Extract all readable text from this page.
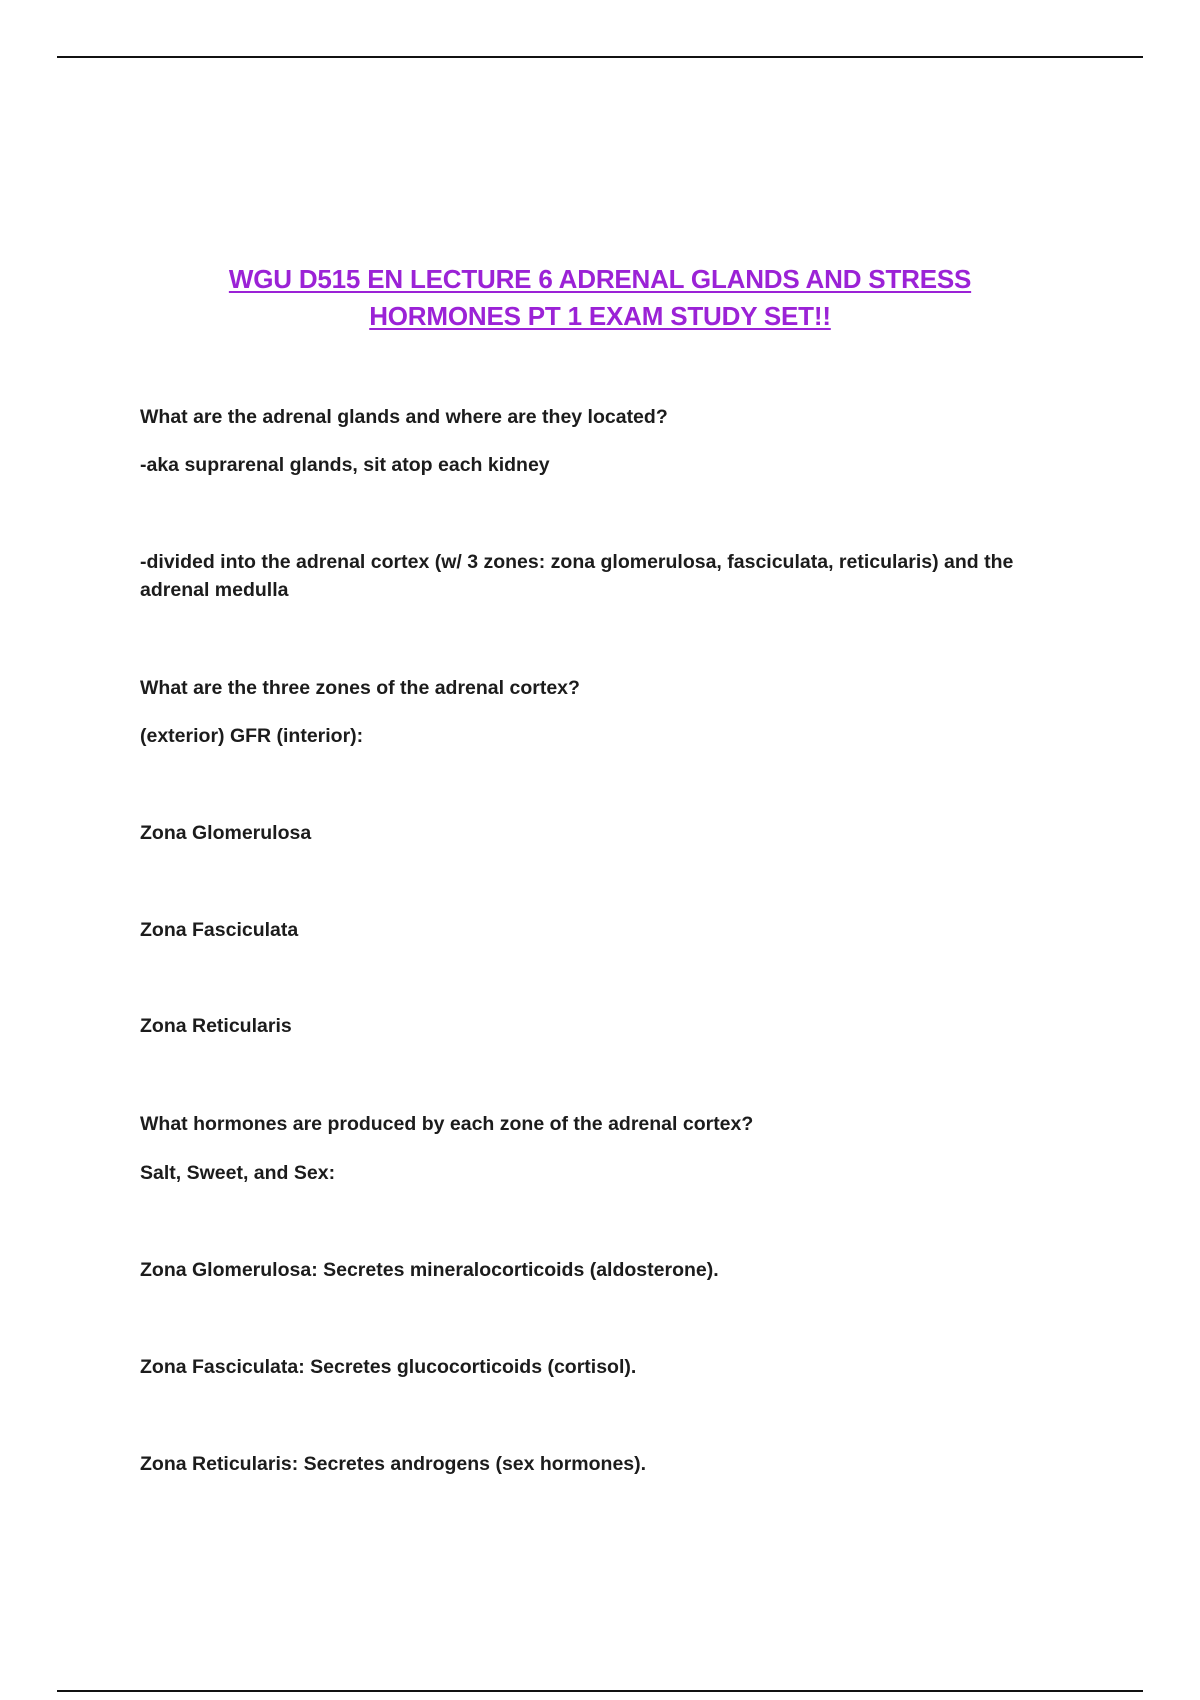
WGU D515 EN LECTURE 6 ADRENAL GLANDS AND STRESS
HORMONES PT 1 EXAM STUDY SET!!
What are the adrenal glands and where are they located?
-aka suprarenal glands, sit atop each kidney
-divided into the adrenal cortex (w/ 3 zones: zona glomerulosa, fasciculata, reticularis) and the adrenal medulla
What are the three zones of the adrenal cortex?
(exterior) GFR (interior):
Zona Glomerulosa
Zona Fasciculata
Zona Reticularis
What hormones are produced by each zone of the adrenal cortex?
Salt, Sweet, and Sex:
Zona Glomerulosa: Secretes mineralocorticoids (aldosterone).
Zona Fasciculata: Secretes glucocorticoids (cortisol).
Zona Reticularis: Secretes androgens (sex hormones).
